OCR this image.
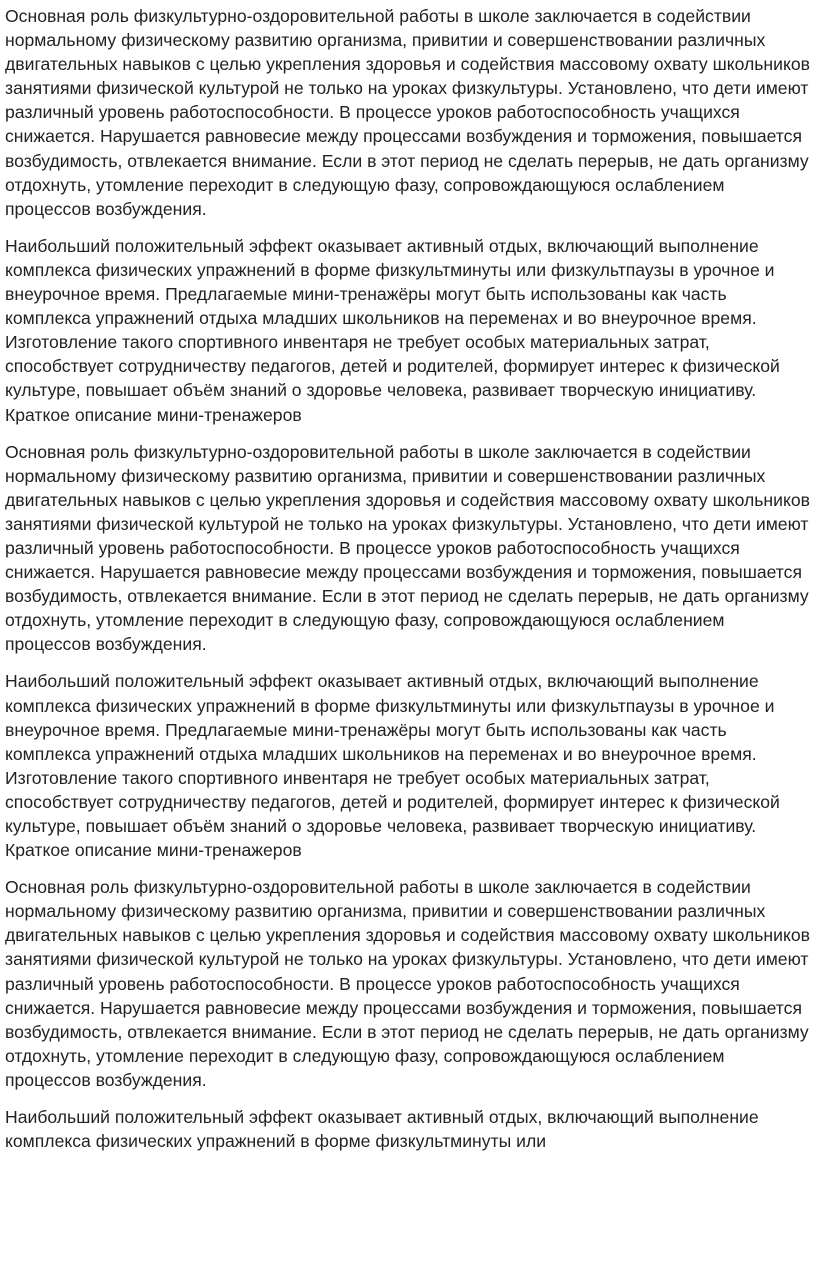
Основная роль физкультурно-оздоровительной работы в школе заключается в содействии нормальному физическому развитию организма, привитии и совершенствовании различных двигательных навыков с целью укрепления здоровья и содействия массовому охвату школьников занятиями физической культурой не только на уроках физкультуры. Установлено, что дети имеют различный уровень работоспособности. В процессе уроков работоспособность учащихся снижается. Нарушается равновесие между процессами возбуждения и торможения, повышается возбудимость, отвлекается внимание. Если в этот период не сделать перерыв, не дать организму отдохнуть, утомление переходит в следующую фазу, сопровождающуюся ослаблением процессов возбуждения.

Наибольший положительный эффект оказывает активный отдых, включающий выполнение комплекса физических упражнений в форме физкультминуты или физкультпаузы в урочное и внеурочное время. Предлагаемые мини-тренажёры могут быть использованы как часть комплекса упражнений отдыха младших школьников на переменах и во внеурочное время. Изготовление такого спортивного инвентаря не требует особых материальных затрат, способствует сотрудничеству педагогов, детей и родителей, формирует интерес к физической культуре, повышает объём знаний о здоровье человека, развивает творческую инициативу. Краткое описание мини-тренажеров

Основная роль физкультурно-оздоровительной работы в школе заключается в содействии нормальному физическому развитию организма, привитии и совершенствовании различных двигательных навыков с целью укрепления здоровья и содействия массовому охвату школьников занятиями физической культурой не только на уроках физкультуры. Установлено, что дети имеют различный уровень работоспособности. В процессе уроков работоспособность учащихся снижается. Нарушается равновесие между процессами возбуждения и торможения, повышается возбудимость, отвлекается внимание. Если в этот период не сделать перерыв, не дать организму отдохнуть, утомление переходит в следующую фазу, сопровождающуюся ослаблением процессов возбуждения.

Наибольший положительный эффект оказывает активный отдых, включающий выполнение комплекса физических упражнений в форме физкультминуты или физкультпаузы в урочное и внеурочное время. Предлагаемые мини-тренажёры могут быть использованы как часть комплекса упражнений отдыха младших школьников на переменах и во внеурочное время. Изготовление такого спортивного инвентаря не требует особых материальных затрат, способствует сотрудничеству педагогов, детей и родителей, формирует интерес к физической культуре, повышает объём знаний о здоровье человека, развивает творческую инициативу. Краткое описание мини-тренажеров

Основная роль физкультурно-оздоровительной работы в школе заключается в содействии нормальному физическому развитию организма, привитии и совершенствовании различных двигательных навыков с целью укрепления здоровья и содействия массовому охвату школьников занятиями физической культурой не только на уроках физкультуры. Установлено, что дети имеют различный уровень работоспособности. В процессе уроков работоспособность учащихся снижается. Нарушается равновесие между процессами возбуждения и торможения, повышается возбудимость, отвлекается внимание. Если в этот период не сделать перерыв, не дать организму отдохнуть, утомление переходит в следующую фазу, сопровождающуюся ослаблением процессов возбуждения.

Наибольший положительный эффект оказывает активный отдых, включающий выполнение комплекса физических упражнений в форме физкультминуты или
